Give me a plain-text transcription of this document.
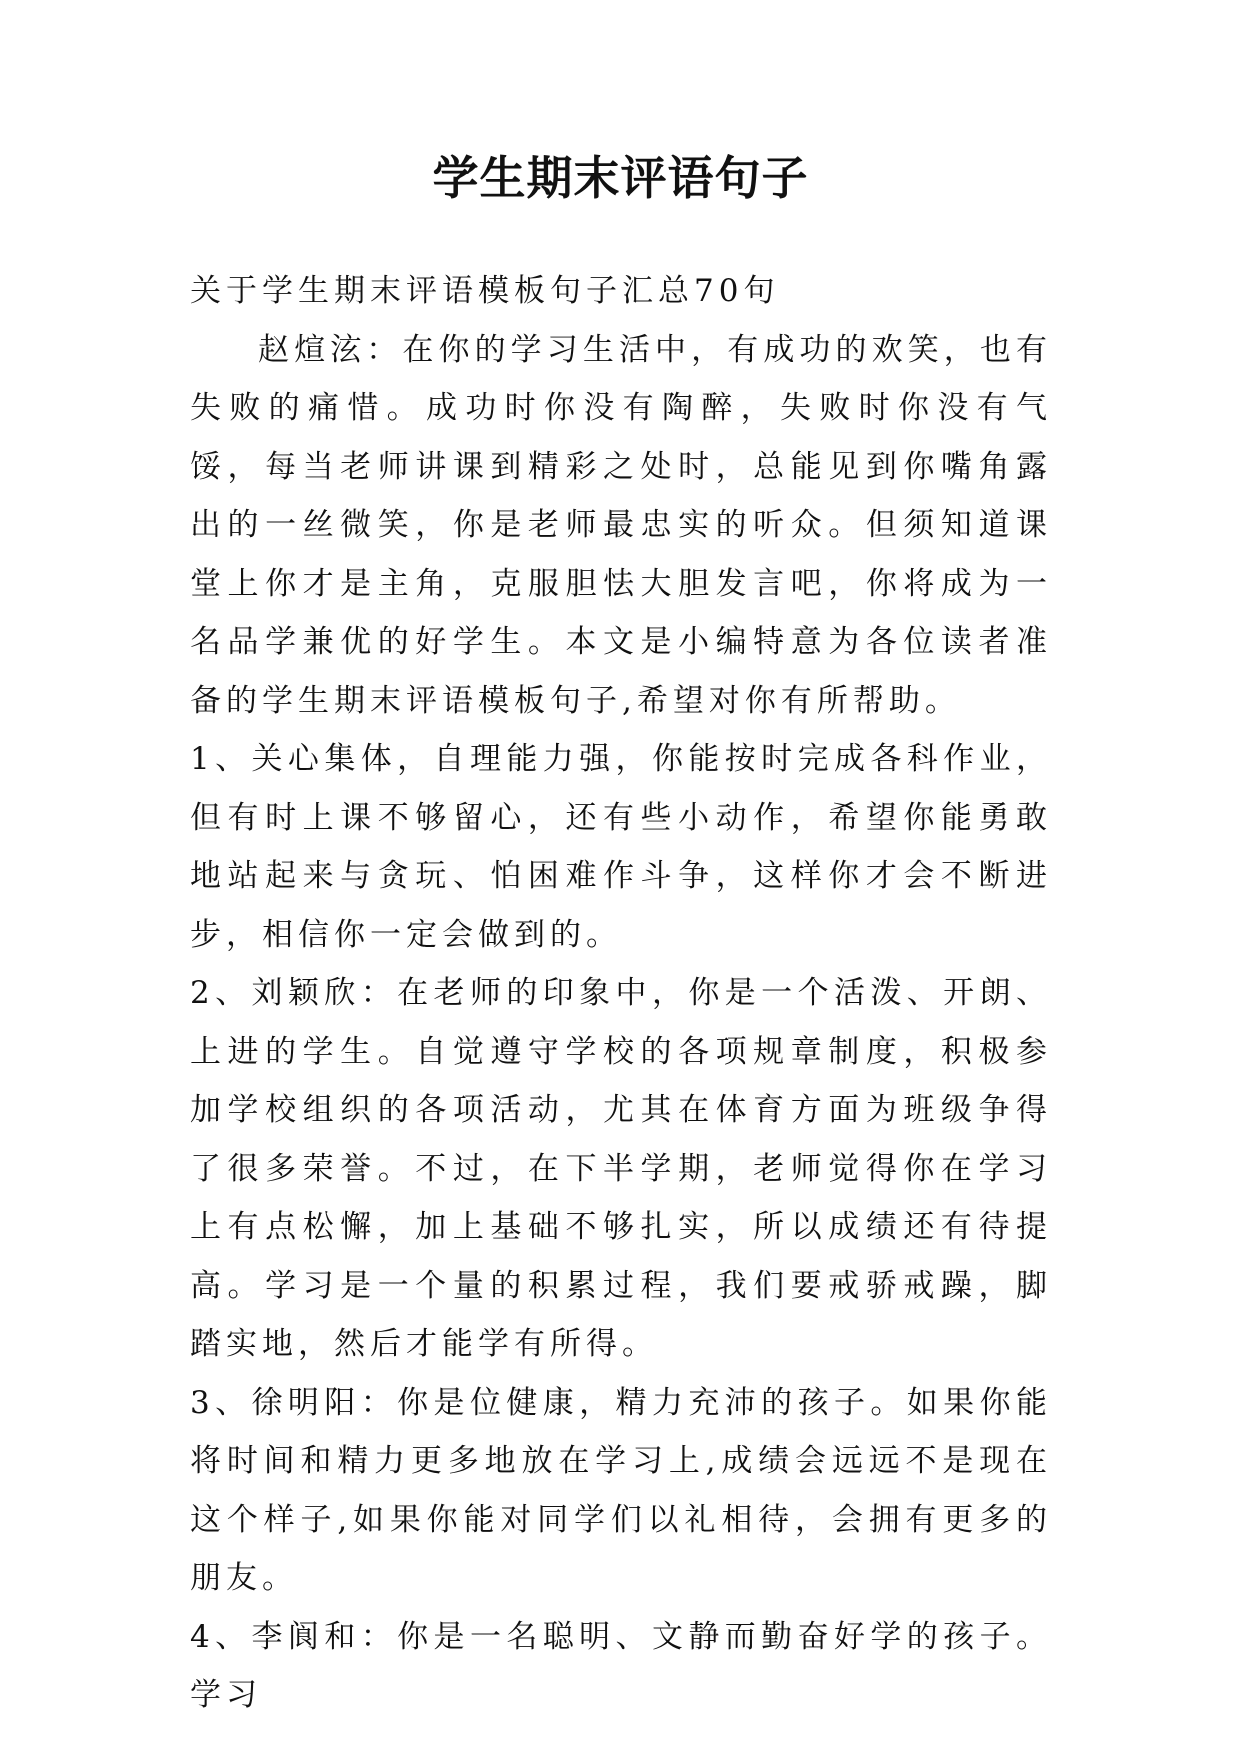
学生期末评语句子

关于学生期末评语模板句子汇总70句

赵煊泫：在你的学习生活中，有成功的欢笑，也有失败的痛惜。成功时你没有陶醉，失败时你没有气馁，每当老师讲课到精彩之处时，总能见到你嘴角露出的一丝微笑，你是老师最忠实的听众。但须知道课堂上你才是主角，克服胆怯大胆发言吧，你将成为一名品学兼优的好学生。本文是小编特意为各位读者准备的学生期末评语模板句子,希望对你有所帮助。

1、关心集体，自理能力强，你能按时完成各科作业，但有时上课不够留心，还有些小动作，希望你能勇敢地站起来与贪玩、怕困难作斗争，这样你才会不断进步，相信你一定会做到的。

2、刘颖欣：在老师的印象中，你是一个活泼、开朗、上进的学生。自觉遵守学校的各项规章制度，积极参加学校组织的各项活动，尤其在体育方面为班级争得了很多荣誉。不过，在下半学期，老师觉得你在学习上有点松懈，加上基础不够扎实，所以成绩还有待提高。学习是一个量的积累过程，我们要戒骄戒躁，脚踏实地，然后才能学有所得。

3、徐明阳：你是位健康，精力充沛的孩子。如果你能将时间和精力更多地放在学习上,成绩会远远不是现在这个样子,如果你能对同学们以礼相待，会拥有更多的朋友。

4、李阆和：你是一名聪明、文静而勤奋好学的孩子。学习
